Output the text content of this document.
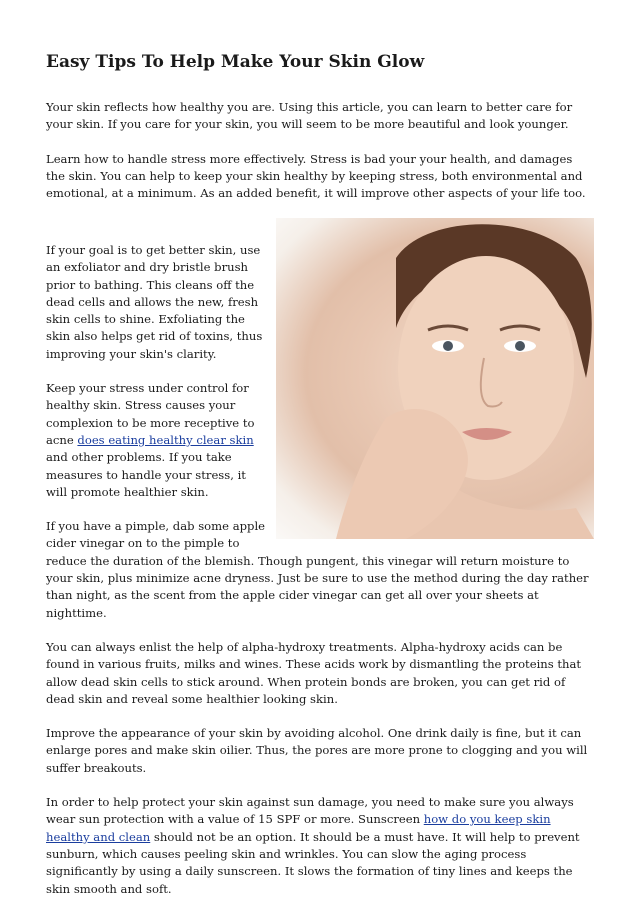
Easy Tips To Help Make Your Skin Glow

Your skin reflects how healthy you are. Using this article, you can learn to better care for your skin. If you care for your skin, you will seem to be more beautiful and look younger.

Learn how to handle stress more effectively. Stress is bad your your health, and damages the skin. You can help to keep your skin healthy by keeping stress, both environmental and emotional, at a minimum. As an added benefit, it will improve other aspects of your life too.

If your goal is to get better skin, use an exfoliator and dry bristle brush prior to bathing. This cleans off the dead cells and allows the new, fresh skin cells to shine. Exfoliating the skin also helps get rid of toxins, thus improving your skin's clarity.

Keep your stress under control for healthy skin. Stress causes your complexion to be more receptive to acne does eating healthy clear skin and other problems. If you take measures to handle your stress, it will promote healthier skin.

If you have a pimple, dab some apple cider vinegar on to the pimple to reduce the duration of the blemish. Though pungent, this vinegar will return moisture to your skin, plus minimize acne dryness. Just be sure to use the method during the day rather than night, as the scent from the apple cider vinegar can get all over your sheets at nighttime.

You can always enlist the help of alpha-hydroxy treatments. Alpha-hydroxy acids can be found in various fruits, milks and wines. These acids work by dismantling the proteins that allow dead skin cells to stick around. When protein bonds are broken, you can get rid of dead skin and reveal some healthier looking skin.

Improve the appearance of your skin by avoiding alcohol. One drink daily is fine, but it can enlarge pores and make skin oilier. Thus, the pores are more prone to clogging and you will suffer breakouts.

In order to help protect your skin against sun damage, you need to make sure you always wear sun protection with a value of 15 SPF or more. Sunscreen how do you keep skin healthy and clean should not be an option. It should be a must have. It will help to prevent sunburn, which causes peeling skin and wrinkles. You can slow the aging process significantly by using a daily sunscreen. It slows the formation of tiny lines and keeps the skin smooth and soft.
